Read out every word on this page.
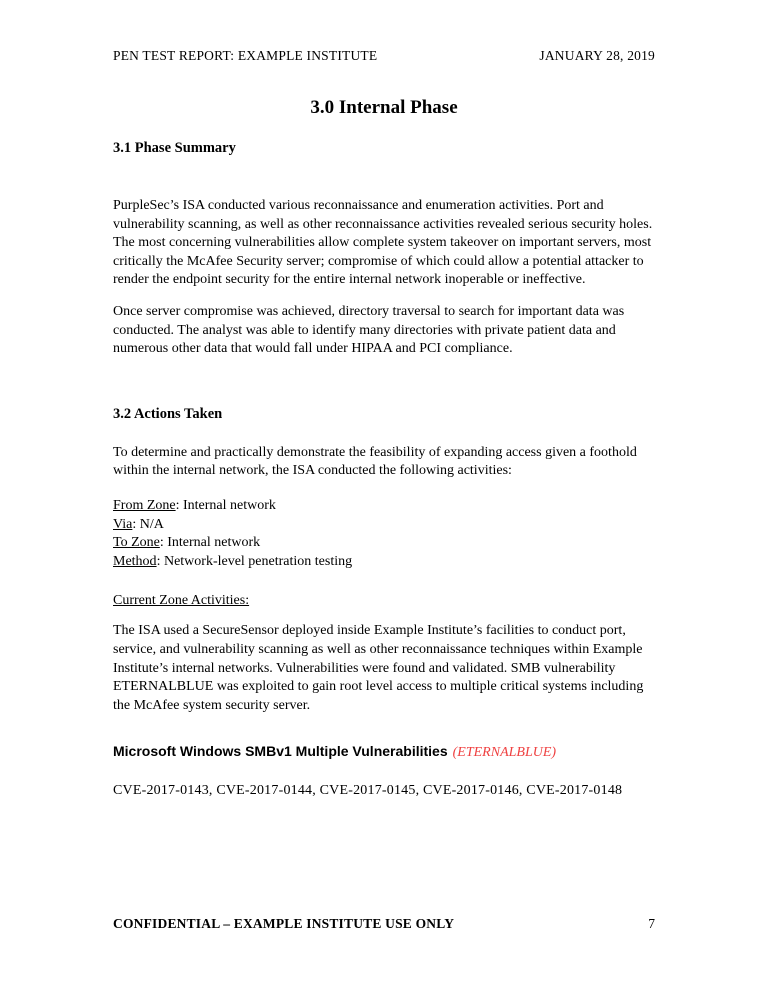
PEN TEST REPORT: EXAMPLE INSTITUTE	JANUARY 28, 2019
3.0 Internal Phase
3.1 Phase Summary

PurpleSec’s ISA conducted various reconnaissance and enumeration activities. Port and vulnerability scanning, as well as other reconnaissance activities revealed serious security holes. The most concerning vulnerabilities allow complete system takeover on important servers, most critically the McAfee Security server; compromise of which could allow a potential attacker to render the endpoint security for the entire internal network inoperable or ineffective.

Once server compromise was achieved, directory traversal to search for important data was conducted. The analyst was able to identify many directories with private patient data and numerous other data that would fall under HIPAA and PCI compliance.

3.2 Actions Taken

To determine and practically demonstrate the feasibility of expanding access given a foothold within the internal network, the ISA conducted the following activities:

From Zone: Internal network
Via: N/A
To Zone: Internal network
Method: Network-level penetration testing
Current Zone Activities:

The ISA used a SecureSensor deployed inside Example Institute’s facilities to conduct port, service, and vulnerability scanning as well as other reconnaissance techniques within Example Institute’s internal networks. Vulnerabilities were found and validated. SMB vulnerability ETERNALBLUE was exploited to gain root level access to multiple critical systems including the McAfee system security server.

Microsoft Windows SMBv1 Multiple Vulnerabilities (ETERNALBLUE)

CVE-2017-0143, CVE-2017-0144, CVE-2017-0145, CVE-2017-0146, CVE-2017-0148

CONFIDENTIAL – EXAMPLE INSTITUTE USE ONLY	7
